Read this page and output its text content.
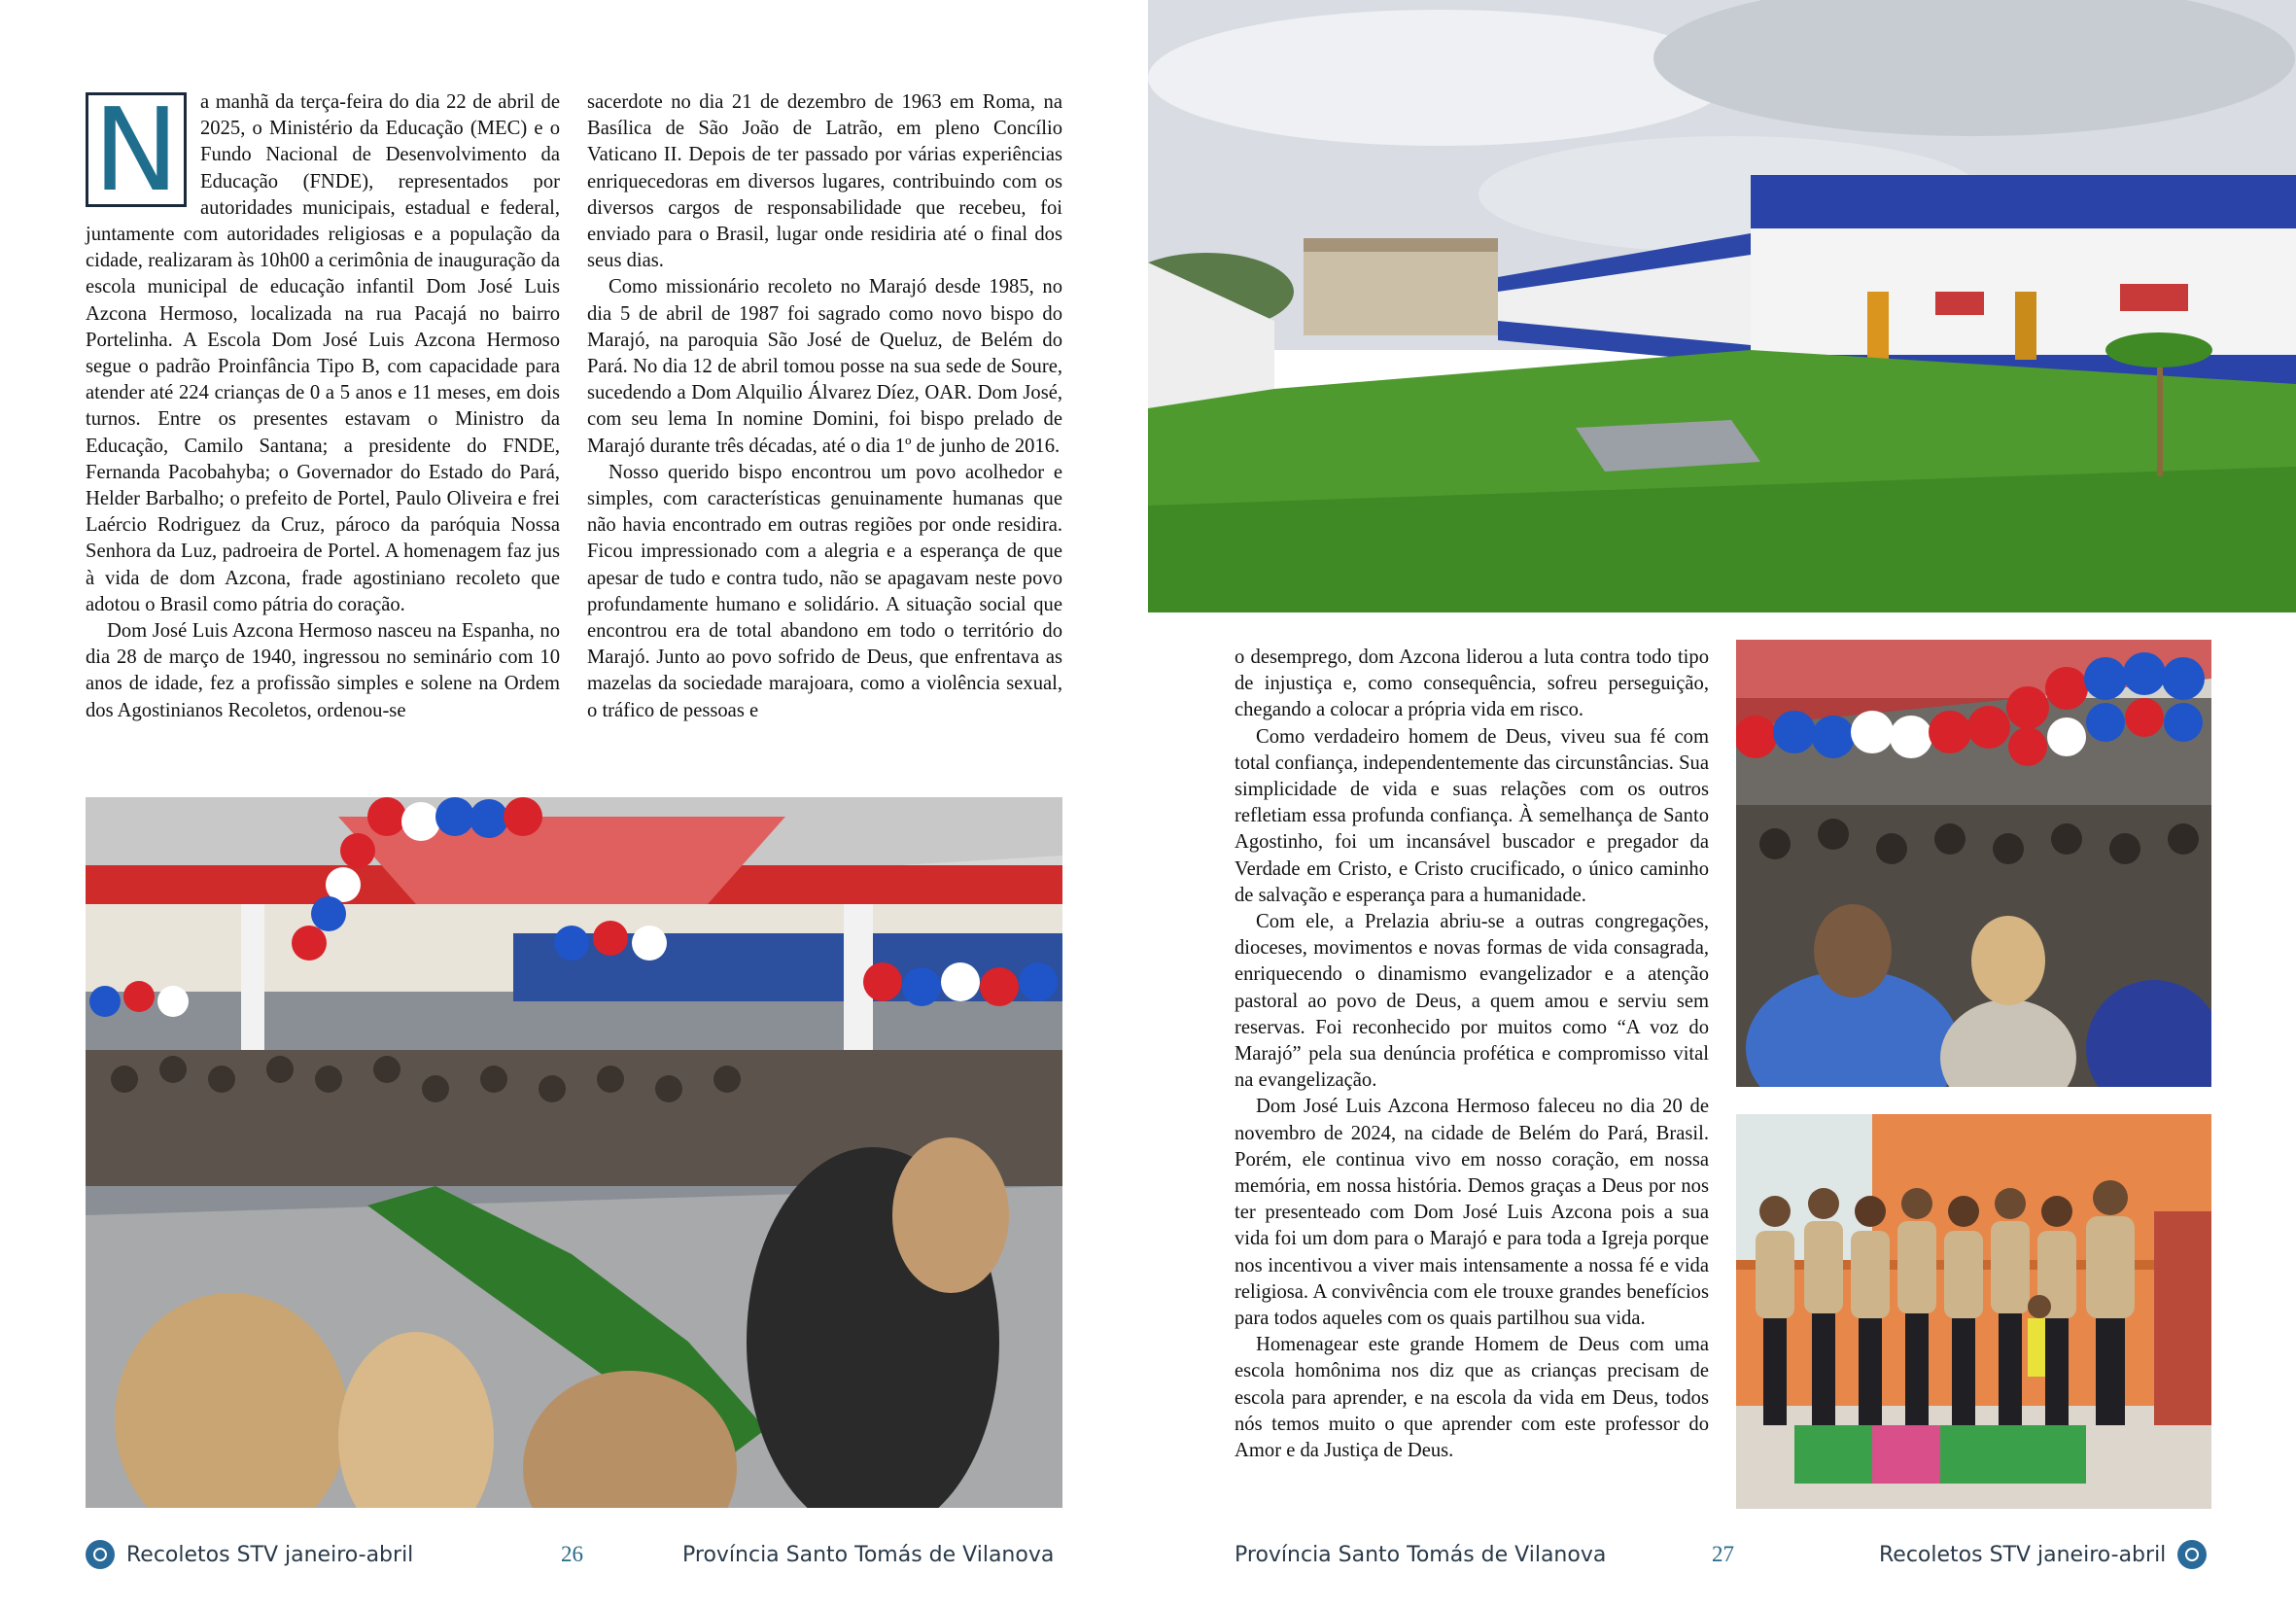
N	a manhã da terça-feira do dia 22 de abril de 2025, o Ministério da Educação (MEC) e o Fundo Nacional de Desenvolvimento da Educação (FNDE), representados por autoridades municipais, estadual e federal, juntamente com autoridades religiosas e a população da cidade, realizaram às 10h00 a cerimônia de inauguração da escola municipal de educação infantil Dom José Luis Azcona Hermoso, localizada na rua Pacajá no bairro Portelinha. A Escola Dom José Luis Azcona Hermoso segue o padrão Proinfância Tipo B, com capacidade para atender até 224 crianças de 0 a 5 anos e 11 meses, em dois turnos. Entre os presentes estavam o Ministro da Educação, Camilo Santana; a presidente do FNDE, Fernanda Pacobahyba; o Governador do Estado do Pará, Helder Barbalho; o prefeito de Portel, Paulo Oliveira e frei Laércio Rodriguez da Cruz, pároco da paróquia Nossa Senhora da Luz, padroeira de Portel. A homenagem faz jus à vida de dom Azcona, frade agostiniano recoleto que adotou o Brasil como pátria do coração.

Dom José Luis Azcona Hermoso nasceu na Espanha, no dia 28 de março de 1940, ingressou no seminário com 10 anos de idade, fez a profissão simples e solene na Ordem dos Agostinianos Recoletos, ordenou-se

sacerdote no dia 21 de dezembro de 1963 em Roma, na Basílica de São João de Latrão, em pleno Concílio Vaticano II. Depois de ter passado por várias experiências enriquecedoras em diversos lugares, contribuindo com os diversos cargos de responsabilidade que recebeu, foi enviado para o Brasil, lugar onde residiria até o final dos seus dias.

Como missionário recoleto no Marajó desde 1985, no dia 5 de abril de 1987 foi sagrado como novo bispo do Marajó, na paroquia São José de Queluz, de Belém do Pará. No dia 12 de abril tomou posse na sua sede de Soure, sucedendo a Dom Alquilio Álvarez Díez, OAR. Dom José, com seu lema In nomine Domini, foi bispo prelado de Marajó durante três décadas, até o dia 1º de junho de 2016.

Nosso querido bispo encontrou um povo acolhedor e simples, com características genuinamente humanas que não havia encontrado em outras regiões por onde residira. Ficou impressionado com a alegria e a esperança de que apesar de tudo e contra tudo, não se apagavam neste povo profundamente humano e solidário. A situação social que encontrou era de total abandono em todo o território do Marajó. Junto ao povo sofrido de Deus, que enfrentava as mazelas da sociedade marajoara, como a violência sexual, o tráfico de pessoas e

Recoletos STV janeiro-abril	26	Província Santo Tomás de Vilanova

o desemprego, dom Azcona liderou a luta contra todo tipo de injustiça e, como consequência, sofreu perseguição, chegando a colocar a própria vida em risco.

Como verdadeiro homem de Deus, viveu sua fé com total confiança, independentemente das circunstâncias. Sua simplicidade de vida e suas relações com os outros refletiam essa profunda confiança. À semelhança de Santo Agostinho, foi um incansável buscador e pregador da Verdade em Cristo, e Cristo crucificado, o único caminho de salvação e esperança para a humanidade.

Com ele, a Prelazia abriu-se a outras congregações, dioceses, movimentos e novas formas de vida consagrada, enriquecendo o dinamismo evangelizador e a atenção pastoral ao povo de Deus, a quem amou e serviu sem reservas. Foi reconhecido por muitos como “A voz do Marajó” pela sua denúncia profética e compromisso vital na evangelização.

Dom José Luis Azcona Hermoso faleceu no dia 20 de novembro de 2024, na cidade de Belém do Pará, Brasil. Porém, ele continua vivo em nosso coração, em nossa memória, em nossa história. Demos graças a Deus por nos ter presenteado com Dom José Luis Azcona pois a sua vida foi um dom para o Marajó e para toda a Igreja porque nos incentivou a viver mais intensamente a nossa fé e vida religiosa. A convivência com ele trouxe grandes benefícios para todos aqueles com os quais partilhou sua vida.

Homenagear este grande Homem de Deus com uma escola homônima nos diz que as crianças precisam de escola para aprender, e na escola da vida em Deus, todos nós temos muito o que aprender com este professor do Amor e da Justiça de Deus.

Província Santo Tomás de Vilanova	27	Recoletos STV janeiro-abril
